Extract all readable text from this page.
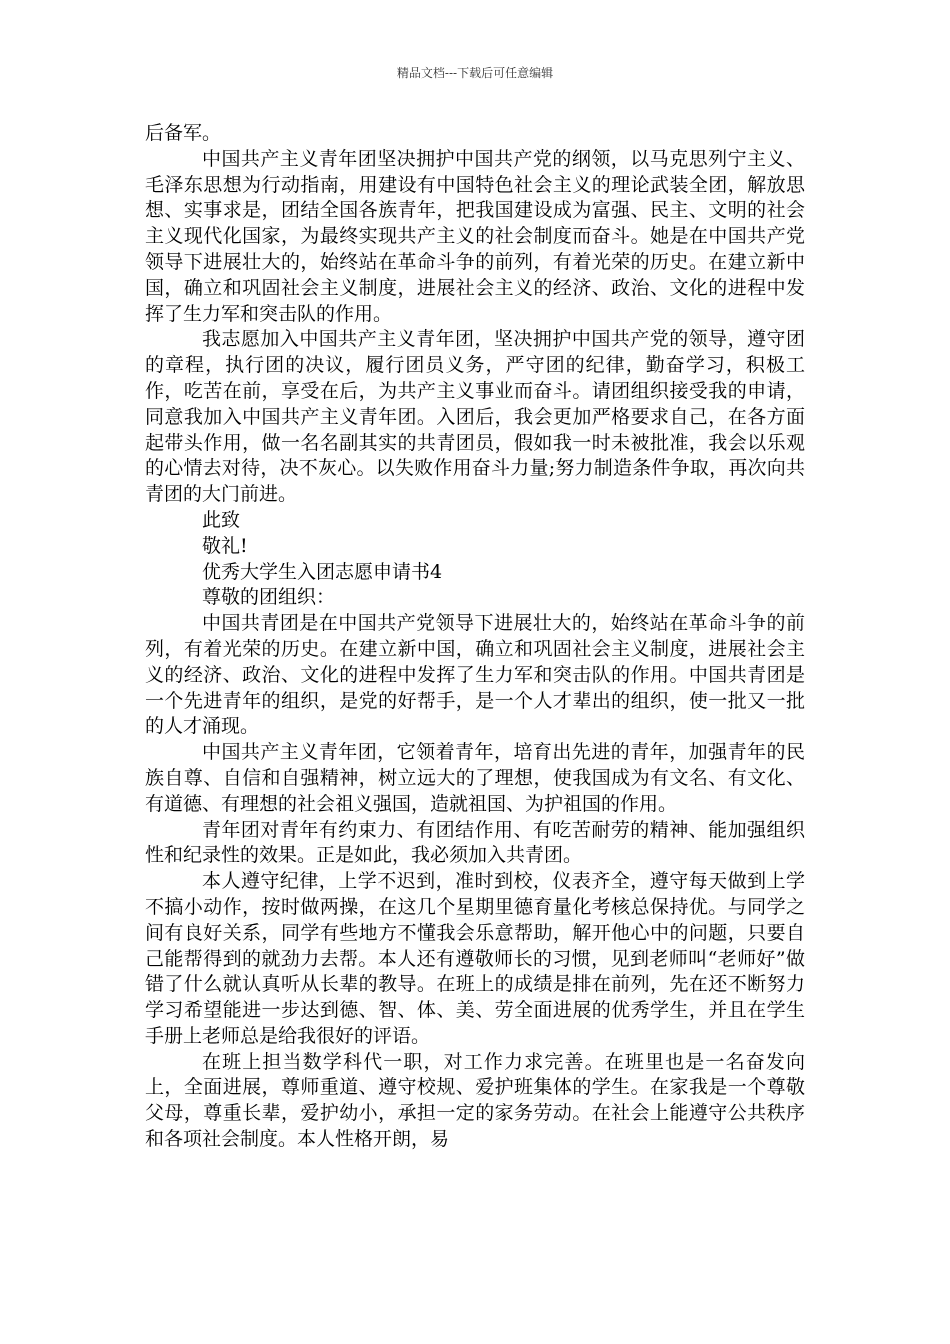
精品文档---下载后可任意编辑

后备军。

中国共产主义青年团坚决拥护中国共产党的纲领，以马克思列宁主义、毛泽东思想为行动指南，用建设有中国特色社会主义的理论武装全团，解放思想、实事求是，团结全国各族青年，把我国建设成为富强、民主、文明的社会主义现代化国家，为最终实现共产主义的社会制度而奋斗。她是在中国共产党领导下进展壮大的，始终站在革命斗争的前列，有着光荣的历史。在建立新中国，确立和巩固社会主义制度，进展社会主义的经济、政治、文化的进程中发挥了生力军和突击队的作用。

我志愿加入中国共产主义青年团，坚决拥护中国共产党的领导，遵守团的章程，执行团的决议，履行团员义务，严守团的纪律，勤奋学习，积极工作，吃苦在前，享受在后，为共产主义事业而奋斗。请团组织接受我的申请，同意我加入中国共产主义青年团。入团后，我会更加严格要求自己，在各方面起带头作用，做一名名副其实的共青团员，假如我一时未被批准，我会以乐观的心情去对待，决不灰心。以失败作用奋斗力量;努力制造条件争取，再次向共青团的大门前进。

此致

敬礼!

优秀大学生入团志愿申请书4

尊敬的团组织：

中国共青团是在中国共产党领导下进展壮大的，始终站在革命斗争的前列，有着光荣的历史。在建立新中国，确立和巩固社会主义制度，进展社会主义的经济、政治、文化的进程中发挥了生力军和突击队的作用。中国共青团是一个先进青年的组织，是党的好帮手，是一个人才辈出的组织，使一批又一批的人才涌现。

中国共产主义青年团，它领着青年，培育出先进的青年，加强青年的民族自尊、自信和自强精神，树立远大的了理想，使我国成为有文名、有文化、有道德、有理想的社会祖义强国，造就祖国、为护祖国的作用。

青年团对青年有约束力、有团结作用、有吃苦耐劳的精神、能加强组织性和纪录性的效果。正是如此，我必须加入共青团。

本人遵守纪律，上学不迟到，准时到校，仪表齐全，遵守每天做到上学不搞小动作，按时做两操，在这几个星期里德育量化考核总保持优。与同学之间有良好关系，同学有些地方不懂我会乐意帮助，解开他心中的问题，只要自己能帮得到的就劲力去帮。本人还有遵敬师长的习惯，见到老师叫“老师好”做错了什么就认真听从长辈的教导。在班上的成绩是排在前列，先在还不断努力学习希望能进一步达到德、智、体、美、劳全面进展的优秀学生，并且在学生手册上老师总是给我很好的评语。

在班上担当数学科代一职，对工作力求完善。在班里也是一名奋发向上，全面进展，尊师重道、遵守校规、爱护班集体的学生。在家我是一个尊敬父母，尊重长辈，爱护幼小，承担一定的家务劳动。在社会上能遵守公共秩序和各项社会制度。本人性格开朗，易
